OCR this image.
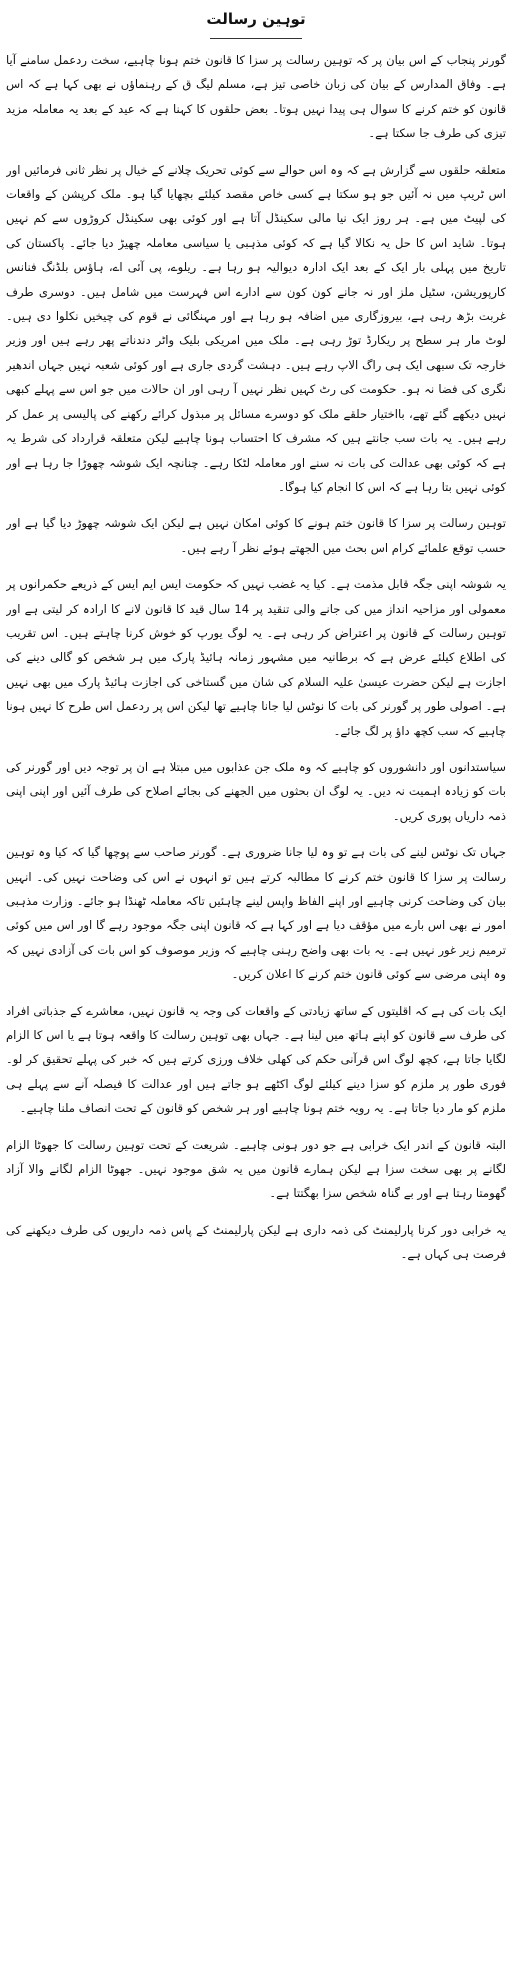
توہین رسالت

گورنر پنجاب کے اس بیان پر کہ توہین رسالت پر سزا کا قانون ختم ہونا چاہیے، سخت ردعمل سامنے آیا ہے۔ وفاق المدارس کے بیان کی زبان خاصی تیز ہے، مسلم لیگ ق کے رہنماؤں نے بھی کہا ہے کہ اس قانون کو ختم کرنے کا سوال ہی پیدا نہیں ہوتا۔ بعض حلقوں کا کہنا ہے کہ عید کے بعد یہ معاملہ مزید تیزی کی طرف جا سکتا ہے۔

متعلقہ حلقوں سے گزارش ہے کہ وہ اس حوالے سے کوئی تحریک چلانے کے خیال پر نظر ثانی فرمائیں اور اس ٹریپ میں نہ آئیں جو ہو سکتا ہے کسی خاص مقصد کیلئے بچھایا گیا ہو۔ ملک کرپشن کے واقعات کی لپیٹ میں ہے۔ ہر روز ایک نیا مالی سکینڈل آتا ہے اور کوئی بھی سکینڈل کروڑوں سے کم نہیں ہوتا۔ شاید اس کا حل یہ نکالا گیا ہے کہ کوئی مذہبی یا سیاسی معاملہ چھیڑ دیا جائے۔ پاکستان کی تاریخ میں پہلی بار ایک کے بعد ایک ادارہ دیوالیہ ہو رہا ہے۔ ریلوے، پی آئی اے، ہاؤس بلڈنگ فنانس کارپوریشن، سٹیل ملز اور نہ جانے کون کون سے ادارے اس فہرست میں شامل ہیں۔ دوسری طرف غربت بڑھ رہی ہے، بیروزگاری میں اضافہ ہو رہا ہے اور مہنگائی نے قوم کی چیخیں نکلوا دی ہیں۔ لوٹ مار ہر سطح پر ریکارڈ توڑ رہی ہے۔ ملک میں امریکی بلیک واٹر دندناتے پھر رہے ہیں اور وزیر خارجہ تک سبھی ایک ہی راگ الاپ رہے ہیں۔ دہشت گردی جاری ہے اور کوئی شعبہ نہیں جہاں اندھیر نگری کی فضا نہ ہو۔ حکومت کی رٹ کہیں نظر نہیں آ رہی اور ان حالات میں جو اس سے پہلے کبھی نہیں دیکھے گئے تھے، بااختیار حلقے ملک کو دوسرے مسائل پر مبذول کرائے رکھنے کی پالیسی پر عمل کر رہے ہیں۔ یہ بات سب جانتے ہیں کہ مشرف کا احتساب ہونا چاہیے لیکن متعلقہ قرارداد کی شرط یہ ہے کہ کوئی بھی عدالت کی بات نہ سنے اور معاملہ لٹکا رہے۔ چنانچہ ایک شوشہ چھوڑا جا رہا ہے اور کوئی نہیں بتا رہا ہے کہ اس کا انجام کیا ہوگا۔

توہین رسالت پر سزا کا قانون ختم ہونے کا کوئی امکان نہیں ہے لیکن ایک شوشہ چھوڑ دیا گیا ہے اور حسب توقع علمائے کرام اس بحث میں الجھتے ہوئے نظر آ رہے ہیں۔

یہ شوشہ اپنی جگہ قابل مذمت ہے۔ کیا یہ غضب نہیں کہ حکومت ایس ایم ایس کے ذریعے حکمرانوں پر معمولی اور مزاحیہ انداز میں کی جانے والی تنقید پر 14 سال قید کا قانون لانے کا ارادہ کر لیتی ہے اور توہین رسالت کے قانون پر اعتراض کر رہی ہے۔ یہ لوگ یورپ کو خوش کرنا چاہتے ہیں۔ اس تقریب کی اطلاع کیلئے عرض ہے کہ برطانیہ میں مشہور زمانہ ہائیڈ پارک میں ہر شخص کو گالی دینے کی اجازت ہے لیکن حضرت عیسیٰ علیہ السلام کی شان میں گستاخی کی اجازت ہائیڈ پارک میں بھی نہیں ہے۔ اصولی طور پر گورنر کی بات کا نوٹس لیا جانا چاہیے تھا لیکن اس پر ردعمل اس طرح کا نہیں ہونا چاہیے کہ سب کچھ داؤ پر لگ جائے۔

سیاستدانوں اور دانشوروں کو چاہیے کہ وہ ملک جن عذابوں میں مبتلا ہے ان پر توجہ دیں اور گورنر کی بات کو زیادہ اہمیت نہ دیں۔ یہ لوگ ان بحثوں میں الجھنے کی بجائے اصلاح کی طرف آئیں اور اپنی اپنی ذمہ داریاں پوری کریں۔

جہاں تک نوٹس لینے کی بات ہے تو وہ لیا جانا ضروری ہے۔ گورنر صاحب سے پوچھا گیا کہ کیا وہ توہین رسالت پر سزا کا قانون ختم کرنے کا مطالبہ کرتے ہیں تو انہوں نے اس کی وضاحت نہیں کی۔ انہیں بیان کی وضاحت کرنی چاہیے اور اپنے الفاظ واپس لینے چاہئیں تاکہ معاملہ ٹھنڈا ہو جائے۔ وزارت مذہبی امور نے بھی اس بارے میں مؤقف دیا ہے اور کہا ہے کہ قانون اپنی جگہ موجود رہے گا اور اس میں کوئی ترمیم زیر غور نہیں ہے۔ یہ بات بھی واضح رہنی چاہیے کہ وزیر موصوف کو اس بات کی آزادی نہیں کہ وہ اپنی مرضی سے کوئی قانون ختم کرنے کا اعلان کریں۔

ایک بات کی ہے کہ اقلیتوں کے ساتھ زیادتی کے واقعات کی وجہ یہ قانون نہیں، معاشرے کے جذباتی افراد کی طرف سے قانون کو اپنے ہاتھ میں لینا ہے۔ جہاں بھی توہین رسالت کا واقعہ ہوتا ہے یا اس کا الزام لگایا جاتا ہے، کچھ لوگ اس قرآنی حکم کی کھلی خلاف ورزی کرتے ہیں کہ خبر کی پہلے تحقیق کر لو۔ فوری طور پر ملزم کو سزا دینے کیلئے لوگ اکٹھے ہو جاتے ہیں اور عدالت کا فیصلہ آنے سے پہلے ہی ملزم کو مار دیا جاتا ہے۔ یہ رویہ ختم ہونا چاہیے اور ہر شخص کو قانون کے تحت انصاف ملنا چاہیے۔

البتہ قانون کے اندر ایک خرابی ہے جو دور ہونی چاہیے۔ شریعت کے تحت توہین رسالت کا جھوٹا الزام لگانے پر بھی سخت سزا ہے لیکن ہمارے قانون میں یہ شق موجود نہیں۔ جھوٹا الزام لگانے والا آزاد گھومتا رہتا ہے اور بے گناہ شخص سزا بھگتتا ہے۔

یہ خرابی دور کرنا پارلیمنٹ کی ذمہ داری ہے لیکن پارلیمنٹ کے پاس ذمہ داریوں کی طرف دیکھنے کی فرصت ہی کہاں ہے۔
